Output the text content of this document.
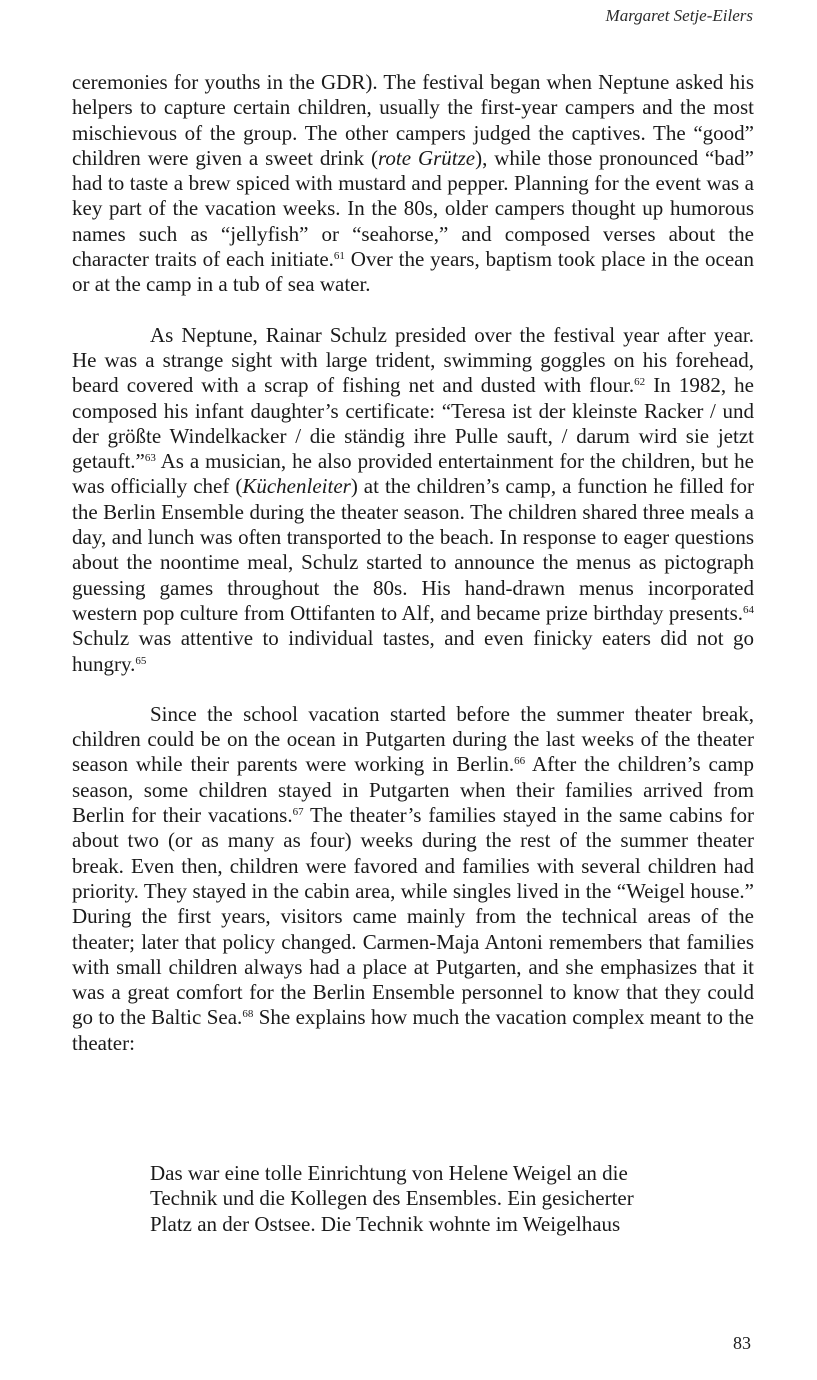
Margaret Setje-Eilers

ceremonies for youths in the GDR). The festival began when Neptune asked his helpers to capture certain children, usually the first-year campers and the most mischievous of the group. The other campers judged the captives. The “good” children were given a sweet drink (rote Grütze), while those pronounced “bad” had to taste a brew spiced with mustard and pepper. Planning for the event was a key part of the vacation weeks. In the 80s, older campers thought up humorous names such as “jellyfish” or “seahorse,” and composed verses about the character traits of each initiate.$^{61}$ Over the years, baptism took place in the ocean or at the camp in a tub of sea water.

As Neptune, Rainar Schulz presided over the festival year after year. He was a strange sight with large trident, swimming goggles on his forehead, beard covered with a scrap of fishing net and dusted with flour.$^{62}$ In 1982, he composed his infant daughter’s certificate: “Teresa ist der kleinste Racker / und der größte Windelkacker / die ständig ihre Pulle sauft, / darum wird sie jetzt getauft.”$^{63}$ As a musician, he also provided entertainment for the children, but he was officially chef (Küchenleiter) at the children’s camp, a function he filled for the Berlin Ensemble during the theater season. The children shared three meals a day, and lunch was often transported to the beach. In response to eager questions about the noontime meal, Schulz started to announce the menus as pictograph guessing games throughout the 80s. His hand-drawn menus incorporated western pop culture from Ottifanten to Alf, and became prize birthday presents.$^{64}$ Schulz was attentive to individual tastes, and even finicky eaters did not go hungry.$^{65}$

Since the school vacation started before the summer theater break, children could be on the ocean in Putgarten during the last weeks of the theater season while their parents were working in Berlin.$^{66}$ After the children’s camp season, some children stayed in Putgarten when their families arrived from Berlin for their vacations.$^{67}$ The theater’s families stayed in the same cabins for about two (or as many as four) weeks during the rest of the summer theater break. Even then, children were favored and families with several children had priority. They stayed in the cabin area, while singles lived in the “Weigel house.” During the first years, visitors came mainly from the technical areas of the theater; later that policy changed. Carmen-Maja Antoni remembers that families with small children always had a place at Putgarten, and she emphasizes that it was a great comfort for the Berlin Ensemble personnel to know that they could go to the Baltic Sea.$^{68}$ She explains how much the vacation complex meant to the theater:

Das war eine tolle Einrichtung von Helene Weigel an die

Technik und die Kollegen des Ensembles. Ein gesicherter

Platz an der Ostsee. Die Technik wohnte im Weigelhaus

83
